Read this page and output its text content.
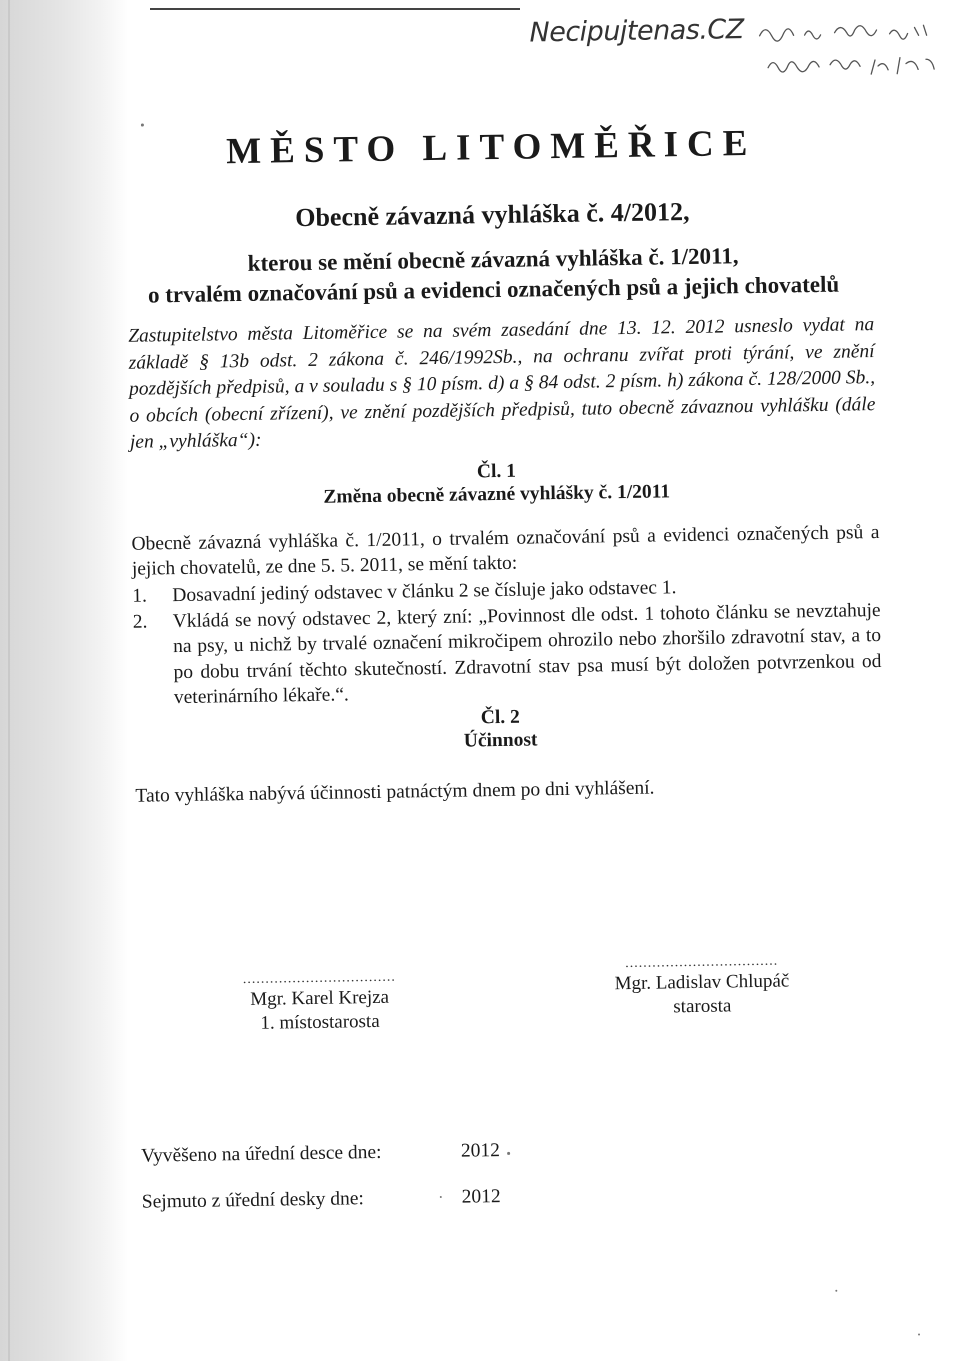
Necipujtenas.CZ
MĚSTO LITOMĚŘICE
Obecně závazná vyhláška č. 4/2012,
kterou se mění obecně závazná vyhláška č. 1/2011,
o trvalém označování psů a evidenci označených psů a jejich chovatelů
Zastupitelstvo města Litoměřice se na svém zasedání dne 13. 12. 2012 usneslo vydat na základě § 13b odst. 2 zákona č. 246/1992Sb., na ochranu zvířat proti týrání, ve znění pozdějších předpisů, a v souladu s § 10 písm. d) a § 84 odst. 2 písm. h) zákona č. 128/2000 Sb., o obcích (obecní zřízení), ve znění pozdějších předpisů, tuto obecně závaznou vyhlášku (dále jen „vyhláška“):
Čl. 1
Změna obecně závazné vyhlášky č. 1/2011
Obecně závazná vyhláška č. 1/2011, o trvalém označování psů a evidenci označených psů a jejich chovatelů, ze dne 5. 5. 2011, se mění takto:
1. Dosavadní jediný odstavec v článku 2 se čísluje jako odstavec 1.
2. Vkládá se nový odstavec 2, který zní: „Povinnost dle odst. 1 tohoto článku se nevztahuje na psy, u nichž by trvalé označení mikročipem ohrozilo nebo zhoršilo zdravotní stav, a to po dobu trvání těchto skutečností. Zdravotní stav psa musí být doložen potvrzenkou od veterinárního lékaře.“.
Čl. 2
Účinnost
Tato vyhláška nabývá účinnosti patnáctým dnem po dni vyhlášení.
..................................
Mgr. Karel Krejza
1. místostarosta
..................................
Mgr. Ladislav Chlupáč
starosta
Vyvěšeno na úřední desce dne:	2012
Sejmuto z úřední desky dne:	2012
